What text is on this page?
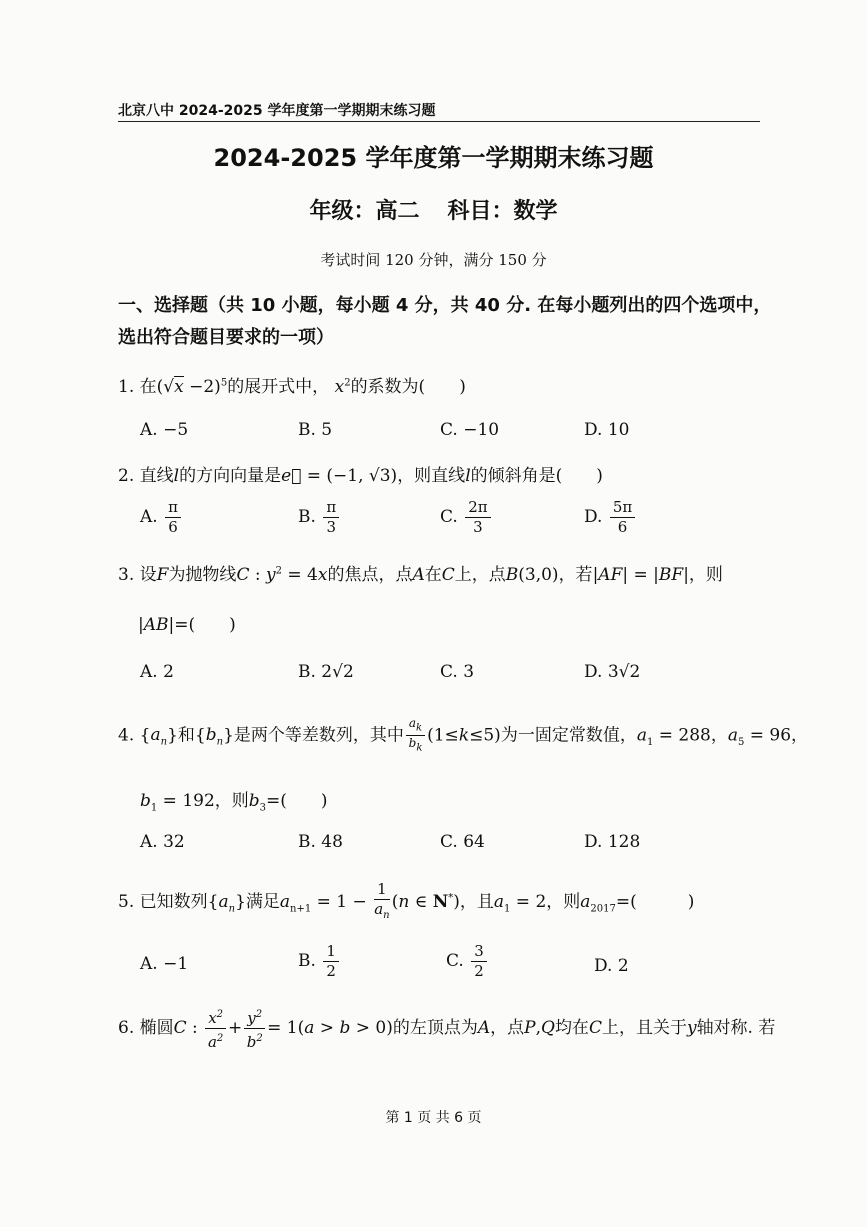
北京八中 2024-2025 学年度第一学期期末练习题
2024-2025 学年度第一学期期末练习题
年级：高二 科目：数学
考试时间 120 分钟，满分 150 分
一、选择题（共 10 小题，每小题 4 分，共 40 分. 在每小题列出的四个选项中，选出符合题目要求的一项）
1. 在$(√x -2)^5$的展开式中， $x^2$的系数为(　　)
A. −5	B. 5	C. −10	D. 10
2. 直线l的方向向量是e⃗ = (−1, √3)，则直线l的倾斜角是(　　)
A. $\frac{\pi}{6}$	B. $\frac{\pi}{3}$	C. $\frac{2\pi}{3}$	D. $\frac{5\pi}{6}$
3. 设F为抛物线C : $y^2 = 4x$的焦点，点A在C上，点B(3,0)，若|AF| = |BF|，则
|AB|=(　　)
A. 2	B. 2√2	C. 3	D. 3√2
4. $\{a_n\}$和$\{b_n\}$是两个等差数列，其中 $\frac{a_k}{b_k} (1\le k\le 5)$为一固定常数值，$a_1 = 288$，$a_5 = 96$，
$b_1 = 192$，则$b_3=$(　　)
A. 32	B. 48	C. 64	D. 128
5. 已知数列$\{a_n\}$满足$a_{n+1} = 1 - \frac{1}{a_n} (n$ ∈ N*)，且$a_1 = 2$，则$a_{2017}=$(　　　)
A. −1	B. $\frac{1}{2}$	C. $\frac{3}{2}$	D. 2
6. 椭圆C : $\frac{x^2}{a^2} + \frac{y^2}{b^2} = 1(a > b > 0)$的左顶点为A，点P,Q均在C上，且关于y轴对称. 若
第 1 页 共 6 页
